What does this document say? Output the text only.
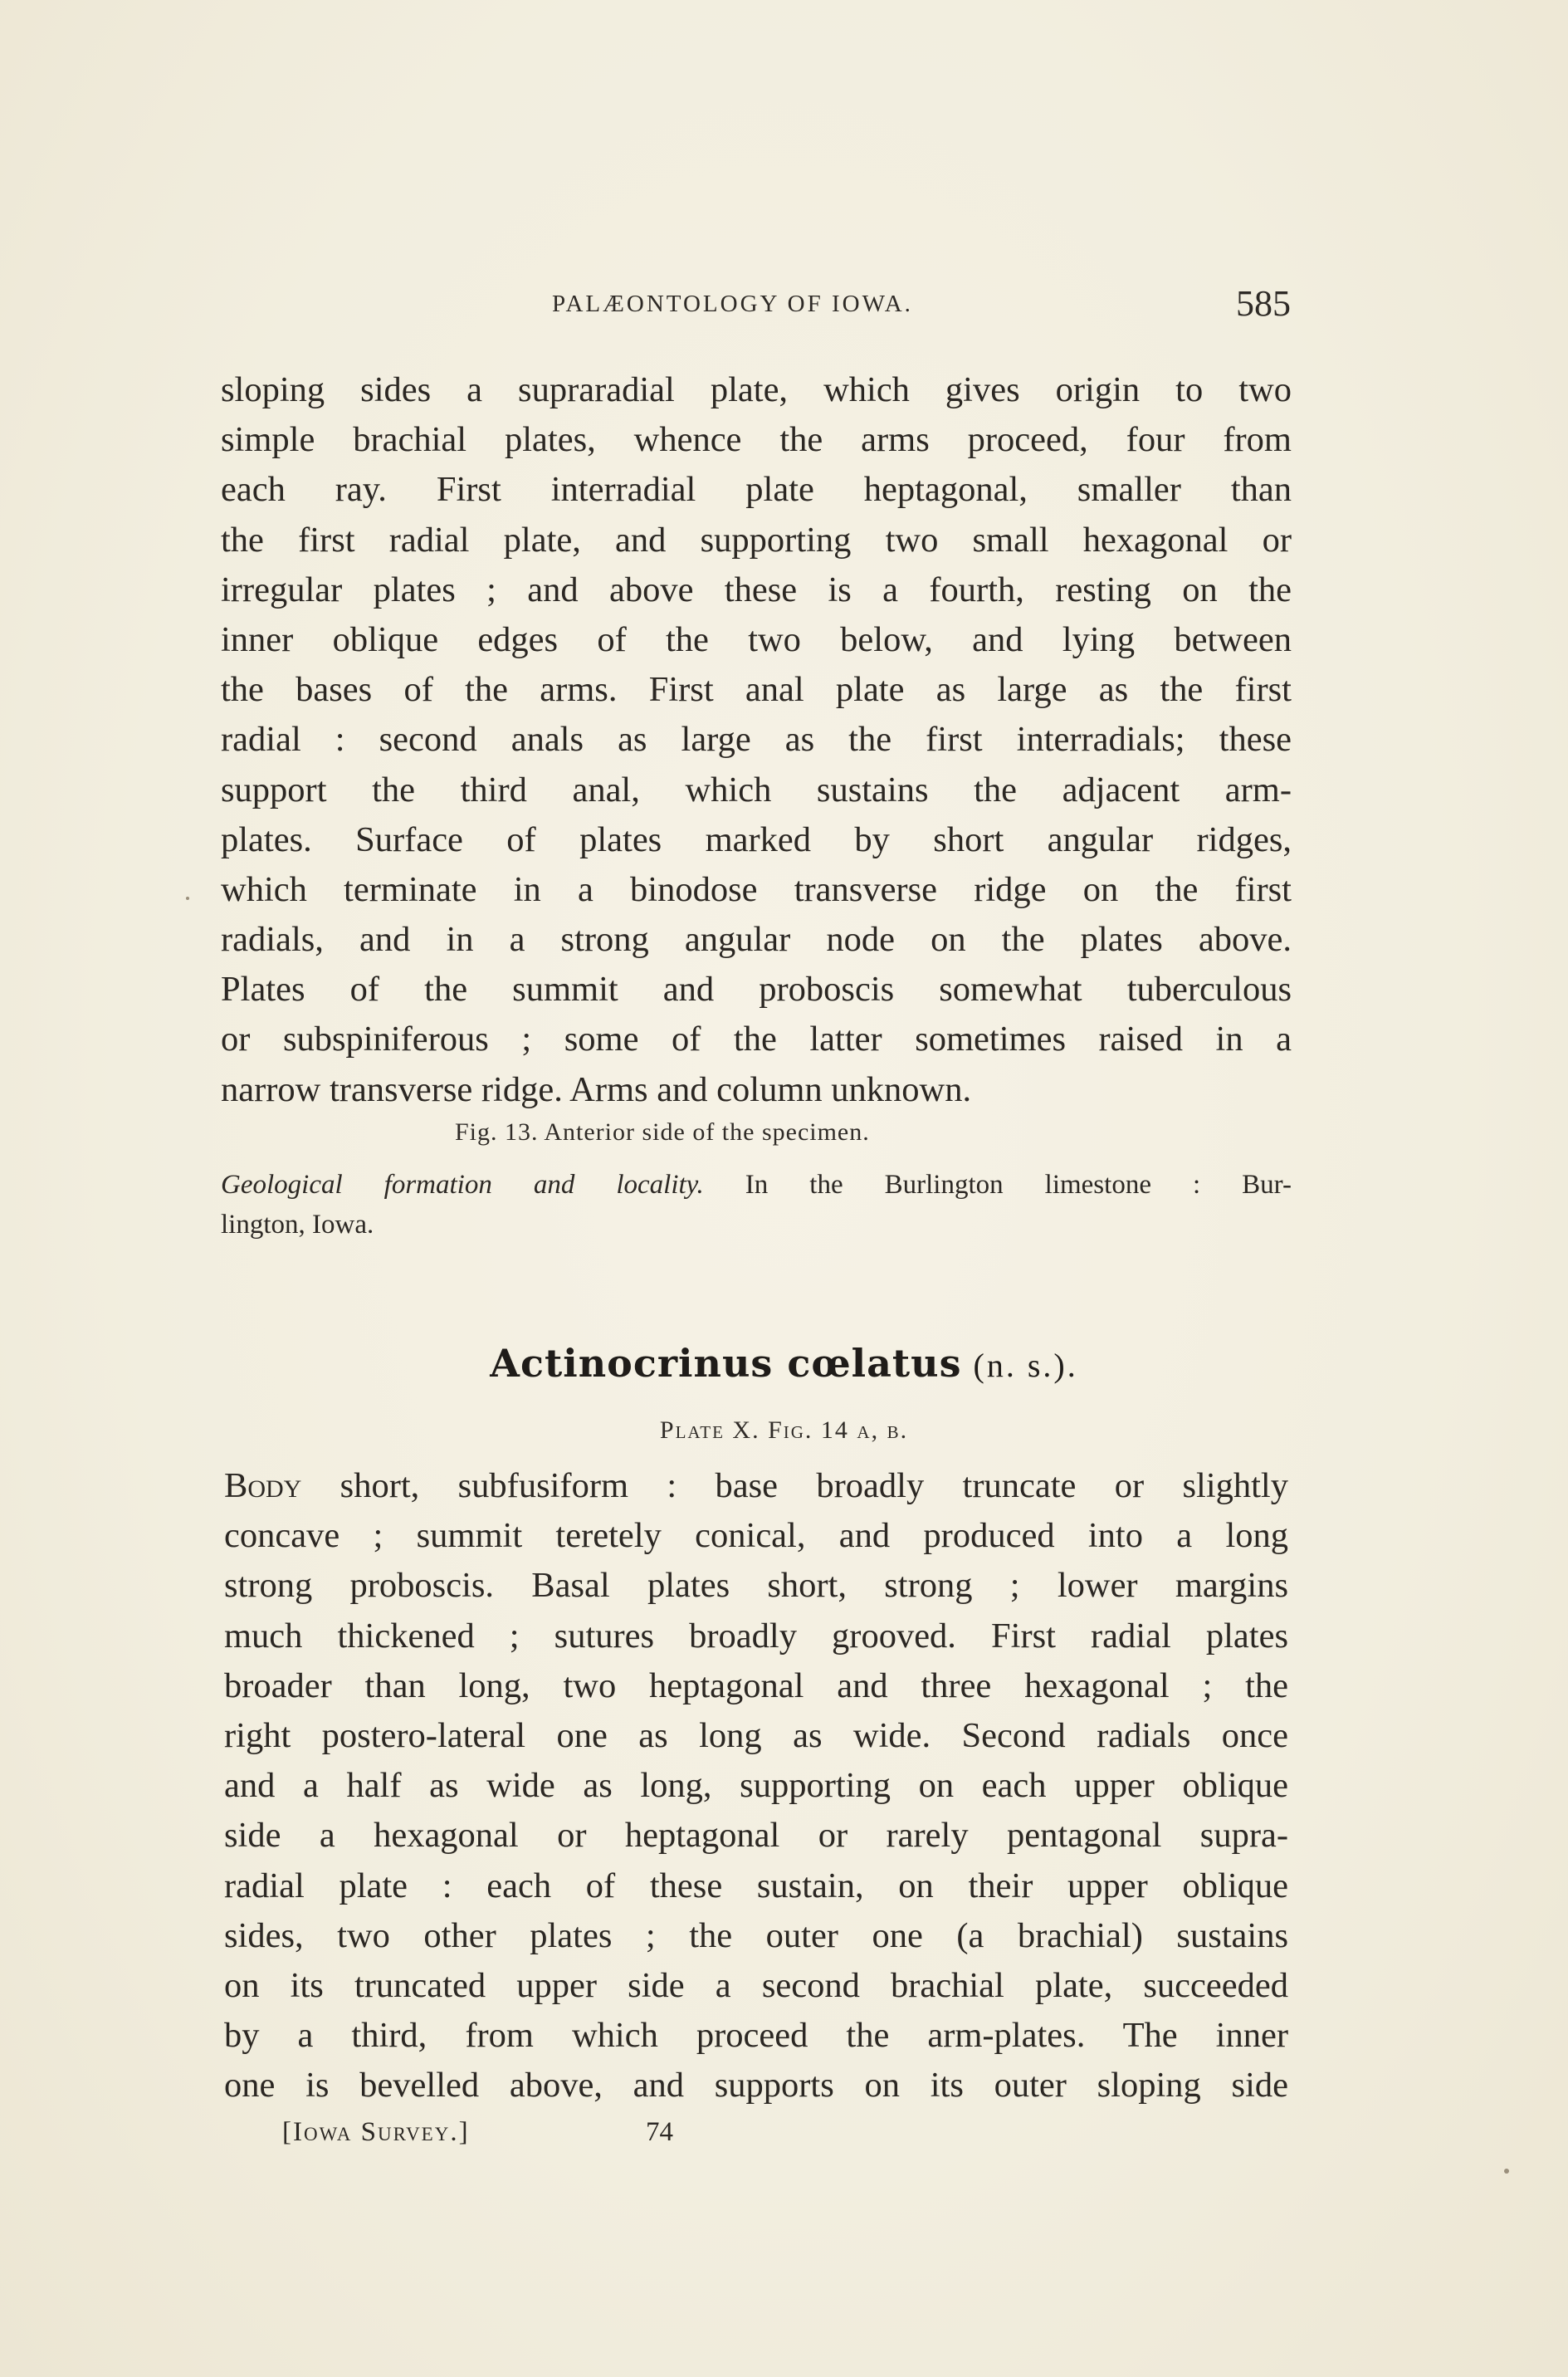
PALÆONTOLOGY OF IOWA.	585
sloping sides a supraradial plate, which gives origin to two
simple brachial plates, whence the arms proceed, four from
each ray. First interradial plate heptagonal, smaller than
the first radial plate, and supporting two small hexagonal or
irregular plates ; and above these is a fourth, resting on the
inner oblique edges of the two below, and lying between
the bases of the arms. First anal plate as large as the first
radial : second anals as large as the first interradials; these
support the third anal, which sustains the adjacent arm-
plates. Surface of plates marked by short angular ridges,
which terminate in a binodose transverse ridge on the first
radials, and in a strong angular node on the plates above.
Plates of the summit and proboscis somewhat tuberculous
or subspiniferous ; some of the latter sometimes raised in a
narrow transverse ridge. Arms and column unknown.
Fig. 13. Anterior side of the specimen.
Geological formation and locality. In the Burlington limestone : Bur-
lington, Iowa.
Actinocrinus cœlatus (n. s.).
Plate X. Fig. 14 a, b.
Body short, subfusiform : base broadly truncate or slightly
concave ; summit teretely conical, and produced into a long
strong proboscis. Basal plates short, strong ; lower margins
much thickened ; sutures broadly grooved. First radial plates
broader than long, two heptagonal and three hexagonal ; the
right postero-lateral one as long as wide. Second radials once
and a half as wide as long, supporting on each upper oblique
side a hexagonal or heptagonal or rarely pentagonal supra-
radial plate : each of these sustain, on their upper oblique
sides, two other plates ; the outer one (a brachial) sustains
on its truncated upper side a second brachial plate, succeeded
by a third, from which proceed the arm-plates. The inner
one is bevelled above, and supports on its outer sloping side
[Iowa Survey.]	74
